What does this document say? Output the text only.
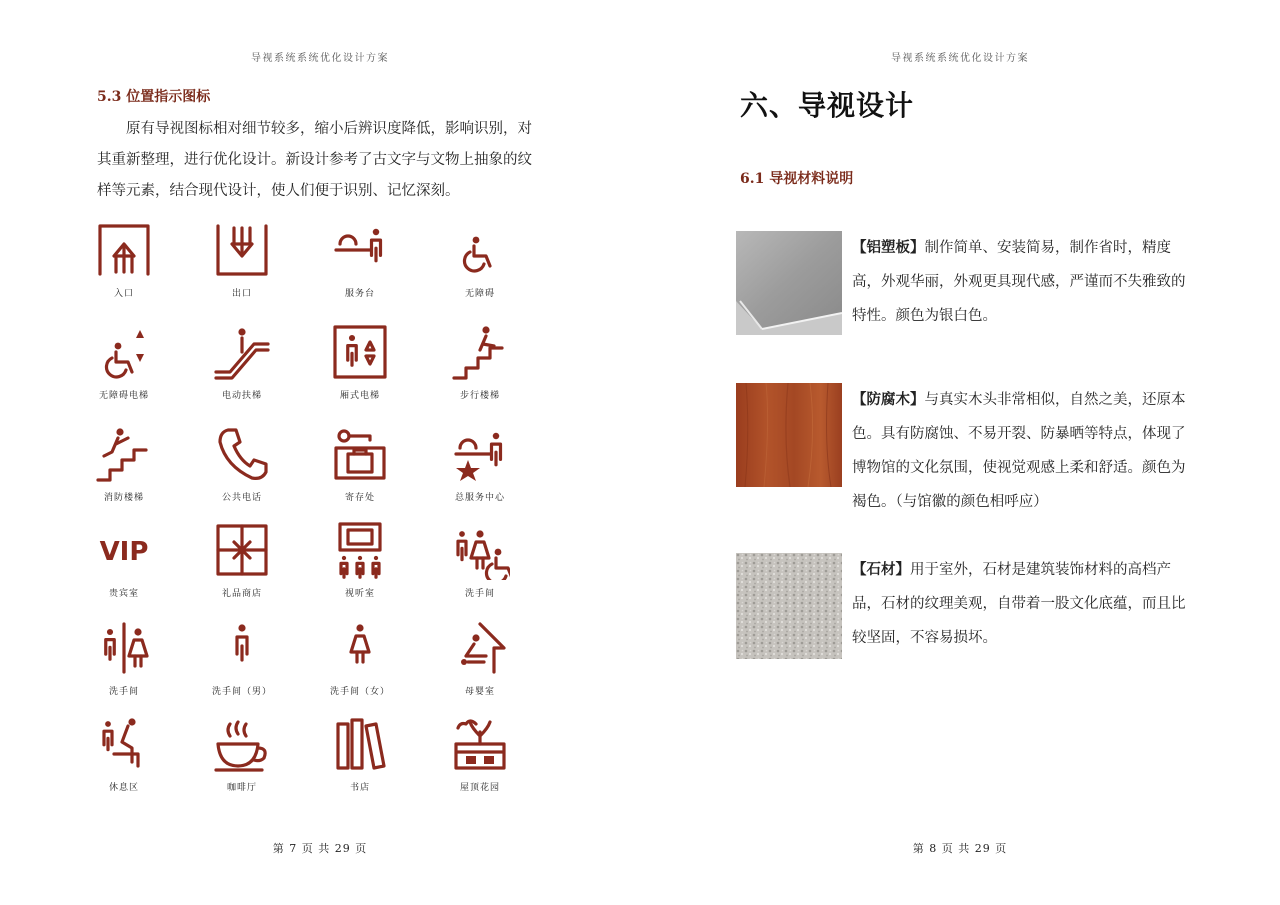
导视系统系统优化设计方案
5.3 位置指示图标
原有导视图标相对细节较多，缩小后辨识度降低，影响识别，对其重新整理，进行优化设计。新设计参考了古文字与文物上抽象的纹样等元素，结合现代设计，使人们便于识别、记忆深刻。
入口	出口	服务台	无障碍
无障碍电梯	电动扶梯	厢式电梯	步行楼梯
消防楼梯	公共电话	寄存处	总服务中心
VIP
贵宾室	礼品商店	视听室	洗手间
洗手间	洗手间（男）	洗手间（女）	母婴室
休息区	咖啡厅	书店	屋顶花园
第 7 页 共 29 页
导视系统系统优化设计方案
第 8 页 共 29 页
六、导视设计
6.1 导视材料说明
【铝塑板】制作简单、安装简易，制作省时，精度高，外观华丽，外观更具现代感，严谨而不失雅致的特性。颜色为银白色。
【防腐木】与真实木头非常相似，自然之美，还原本色。具有防腐蚀、不易开裂、防暴晒等特点，体现了博物馆的文化氛围，使视觉观感上柔和舒适。颜色为褐色。（与馆徽的颜色相呼应）
【石材】用于室外，石材是建筑装饰材料的高档产品，石材的纹理美观，自带着一股文化底蕴，而且比较坚固，不容易损坏。
